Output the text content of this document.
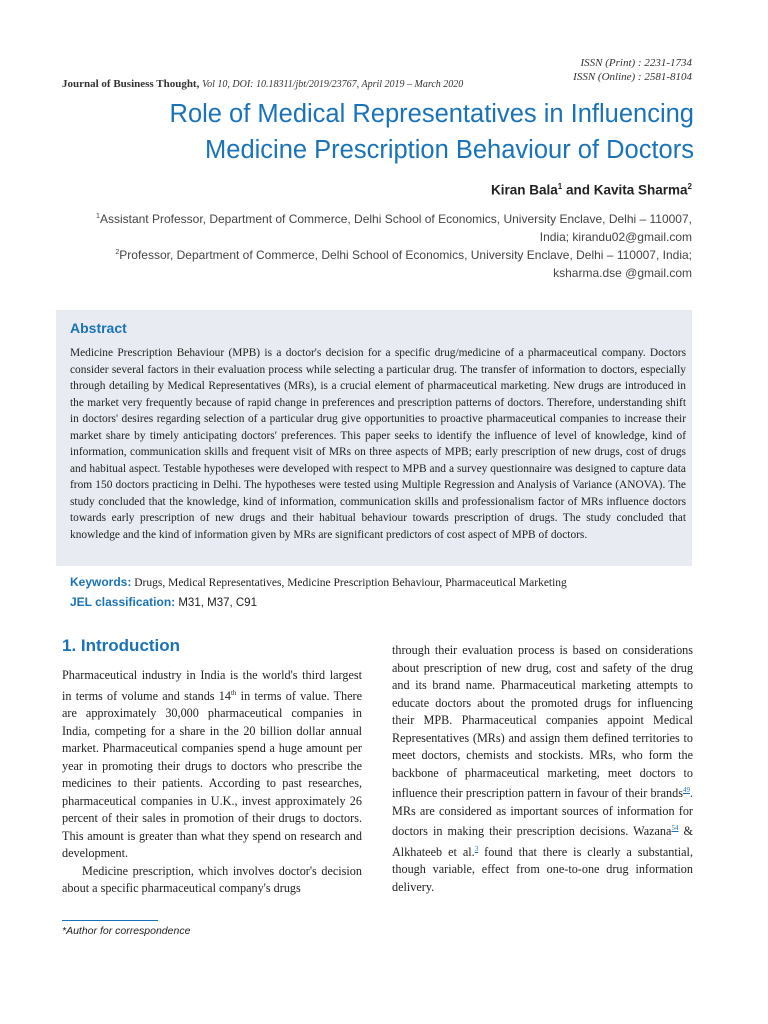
ISSN (Print) : 2231-1734
ISSN (Online) : 2581-8104
Journal of Business Thought, Vol 10, DOI: 10.18311/jbt/2019/23767, April 2019 – March 2020
Role of Medical Representatives in Influencing
Medicine Prescription Behaviour of Doctors
Kiran Bala$^1$ and Kavita Sharma$^2$
$^1$Assistant Professor, Department of Commerce, Delhi School of Economics, University Enclave, Delhi – 110007,
India; kirandu02@gmail.com
$^2$Professor, Department of Commerce, Delhi School of Economics, University Enclave, Delhi – 110007, India;
ksharma.dse @gmail.com
Abstract
Medicine Prescription Behaviour (MPB) is a doctor's decision for a specific drug/medicine of a pharmaceutical company. Doctors consider several factors in their evaluation process while selecting a particular drug. The transfer of information to doctors, especially through detailing by Medical Representatives (MRs), is a crucial element of pharmaceutical marketing. New drugs are introduced in the market very frequently because of rapid change in preferences and prescription patterns of doctors. Therefore, understanding shift in doctors' desires regarding selection of a particular drug give opportunities to proactive pharmaceutical companies to increase their market share by timely anticipating doctors' preferences. This paper seeks to identify the influence of level of knowledge, kind of information, communication skills and frequent visit of MRs on three aspects of MPB; early prescription of new drugs, cost of drugs and habitual aspect. Testable hypotheses were developed with respect to MPB and a survey questionnaire was designed to capture data from 150 doctors practicing in Delhi. The hypotheses were tested using Multiple Regression and Analysis of Variance (ANOVA). The study concluded that the knowledge, kind of information, communication skills and professionalism factor of MRs influence doctors towards early prescription of new drugs and their habitual behaviour towards prescription of drugs. The study concluded that knowledge and the kind of information given by MRs are significant predictors of cost aspect of MPB of doctors.
Keywords: Drugs, Medical Representatives, Medicine Prescription Behaviour, Pharmaceutical Marketing
JEL classification: M31, M37, C91
1. Introduction

Pharmaceutical industry in India is the world's third largest in terms of volume and stands 14th in terms of value. There are approximately 30,000 pharmaceutical companies in India, competing for a share in the 20 billion dollar annual market. Pharmaceutical companies spend a huge amount per year in promoting their drugs to doctors who prescribe the medicines to their patients. According to past researches, pharmaceutical companies in U.K., invest approximately 26 percent of their sales in promotion of their drugs to doctors. This amount is greater than what they spend on research and development.

Medicine prescription, which involves doctor's decision about a specific pharmaceutical company's drugs

through their evaluation process is based on considerations about prescription of new drug, cost and safety of the drug and its brand name. Pharmaceutical marketing attempts to educate doctors about the promoted drugs for influencing their MPB. Pharmaceutical companies appoint Medical Representatives (MRs) and assign them defined territories to meet doctors, chemists and stockists. MRs, who form the backbone of pharmaceutical marketing, meet doctors to influence their prescription pattern in favour of their brands$^{49}$. MRs are considered as important sources of information for doctors in making their prescription decisions. Wazana$^{54}$ & Alkhateeb et al.$^3$ found that there is clearly a substantial, though variable, effect from one-to-one drug information delivery.

*Author for correspondence
